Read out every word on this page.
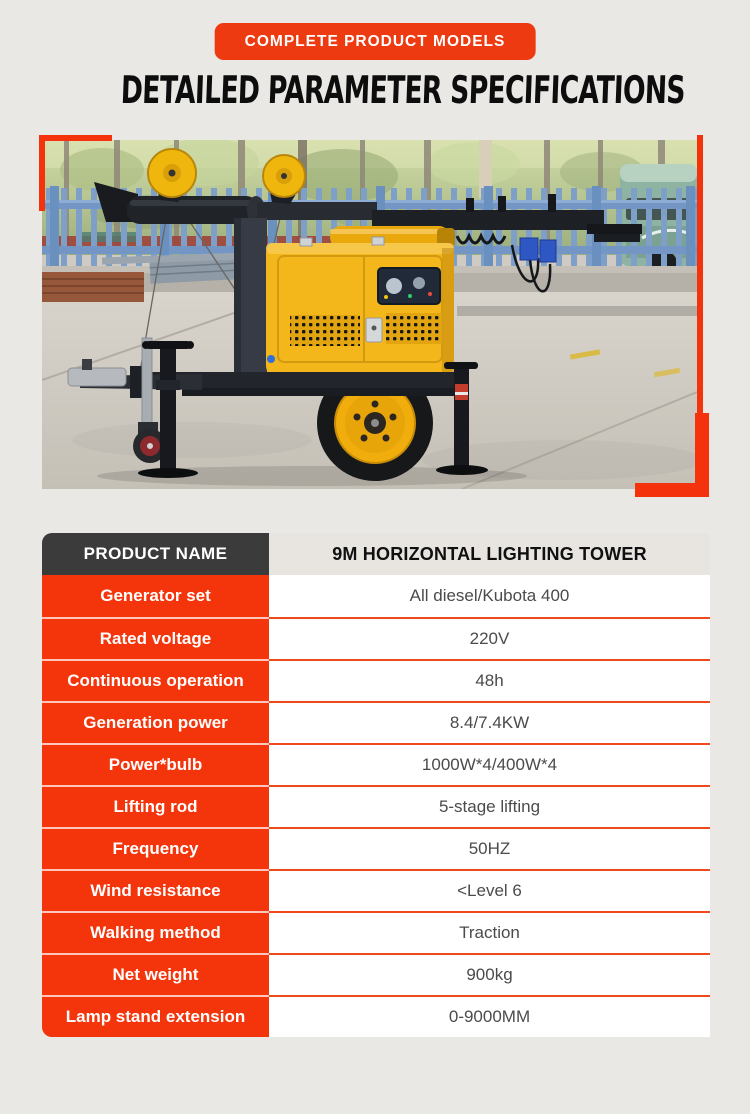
COMPLETE PRODUCT MODELS
DETAILED PARAMETER SPECIFICATIONS
PRODUCT NAME	9M HORIZONTAL LIGHTING TOWER
Generator set	All diesel/Kubota 400
Rated voltage	220V
Continuous operation	48h
Generation power	8.4/7.4KW
Power*bulb	1000W*4/400W*4
Lifting rod	5-stage lifting
Frequency	50HZ
Wind resistance	<Level 6
Walking method	Traction
Net weight	900kg
Lamp stand extension	0-9000MM
